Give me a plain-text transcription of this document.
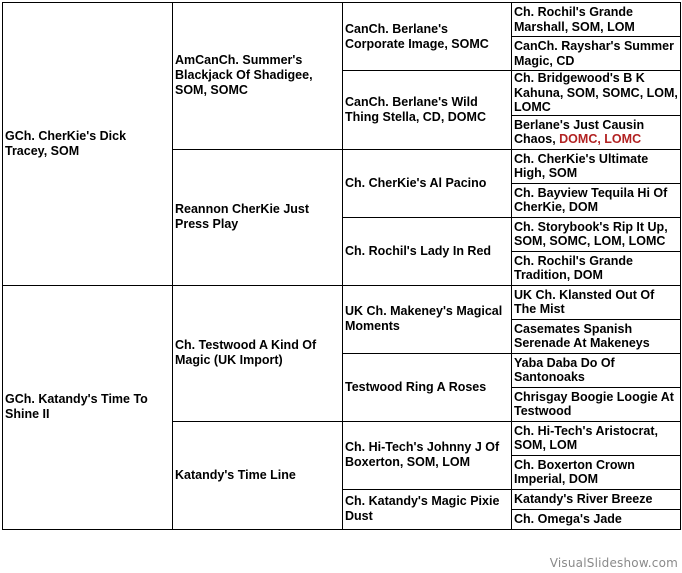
GCh. CherKie's Dick Tracey, SOM	AmCanCh. Summer's Blackjack Of Shadigee, SOM, SOMC	CanCh. Berlane's Corporate Image, SOMC	Ch. Rochil's Grande Marshall, SOM, LOM
			CanCh. Rayshar's Summer Magic, CD
		CanCh. Berlane's Wild Thing Stella, CD, DOMC	Ch. Bridgewood's B K Kahuna, SOM, SOMC, LOM, LOMC
			Berlane's Just Causin Chaos, DOMC, LOMC
	Reannon CherKie Just Press Play	Ch. CherKie's Al Pacino	Ch. CherKie's Ultimate High, SOM
			Ch. Bayview Tequila Hi Of CherKie, DOM
		Ch. Rochil's Lady In Red	Ch. Storybook's Rip It Up, SOM, SOMC, LOM, LOMC
			Ch. Rochil's Grande Tradition, DOM
GCh. Katandy's Time To Shine II	Ch. Testwood A Kind Of Magic (UK Import)	UK Ch. Makeney's Magical Moments	UK Ch. Klansted Out Of The Mist
			Casemates Spanish Serenade At Makeneys
		Testwood Ring A Roses	Yaba Daba Do Of Santonoaks
			Chrisgay Boogie Loogie At Testwood
	Katandy's Time Line	Ch. Hi-Tech's Johnny J Of Boxerton, SOM, LOM	Ch. Hi-Tech's Aristocrat, SOM, LOM
			Ch. Boxerton Crown Imperial, DOM
		Ch. Katandy's Magic Pixie Dust	Katandy's River Breeze
			Ch. Omega's Jade
VisualSlideshow.com
